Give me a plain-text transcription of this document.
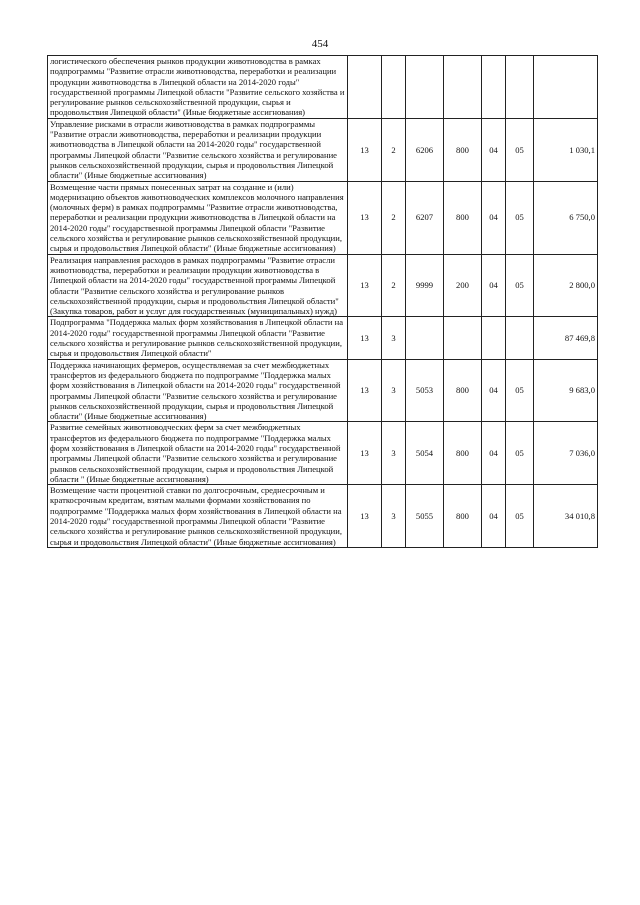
454
логистического обеспечения рынков продукции животноводства в рамках подпрограммы "Развитие отрасли животноводства, переработки и реализации продукции животноводства в Липецкой области на 2014-2020 годы" государственной программы Липецкой области "Развитие сельского хозяйства и регулирование рынков сельскохозяйственной продукции, сырья и продовольствия Липецкой области" (Иные бюджетные ассигнования)							
Управление рисками в отрасли животноводства в рамках подпрограммы "Развитие отрасли животноводства, переработки и реализации продукции животноводства в Липецкой области на 2014-2020 годы" государственной программы Липецкой области "Развитие сельского хозяйства и регулирование рынков сельскохозяйственной продукции, сырья и продовольствия Липецкой области" (Иные бюджетные ассигнования)	13	2	6206	800	04	05	1 030,1
Возмещение части прямых понесенных затрат на создание и (или) модернизацию объектов животноводческих комплексов молочного направления (молочных ферм) в рамках подпрограммы "Развитие отрасли животноводства, переработки и реализации продукции животноводства в Липецкой области на 2014-2020 годы" государственной программы Липецкой области "Развитие сельского хозяйства и регулирование рынков сельскохозяйственной продукции, сырья и продовольствия Липецкой области" (Иные бюджетные ассигнования)	13	2	6207	800	04	05	6 750,0
Реализация направления расходов в рамках подпрограммы "Развитие отрасли животноводства, переработки и реализации продукции животноводства в Липецкой области на 2014-2020 годы" государственной программы Липецкой области "Развитие сельского хозяйства и регулирование рынков сельскохозяйственной продукции, сырья и продовольствия Липецкой области" (Закупка товаров, работ и услуг для государственных (муниципальных) нужд)	13	2	9999	200	04	05	2 800,0
Подпрограмма "Поддержка малых форм хозяйствования в Липецкой области на 2014-2020 годы" государственной программы Липецкой области "Развитие сельского хозяйства и регулирование рынков сельскохозяйственной продукции, сырья и продовольствия Липецкой области"	13	3					87 469,8
Поддержка начинающих фермеров, осуществляемая за счет межбюджетных трансфертов из федерального бюджета по подпрограмме "Поддержка малых форм хозяйствования в Липецкой области на 2014-2020 годы" государственной программы Липецкой области "Развитие сельского хозяйства и регулирование рынков сельскохозяйственной продукции, сырья и продовольствия Липецкой области" (Иные бюджетные ассигнования)	13	3	5053	800	04	05	9 683,0
Развитие семейных животноводческих ферм за счет межбюджетных трансфертов из федерального бюджета по подпрограмме "Поддержка малых форм хозяйствования в Липецкой области на 2014-2020 годы" государственной программы Липецкой области "Развитие сельского хозяйства и регулирование рынков сельскохозяйственной продукции, сырья и продовольствия Липецкой области " (Иные бюджетные ассигнования)	13	3	5054	800	04	05	7 036,0
Возмещение части процентной ставки по долгосрочным, среднесрочным и краткосрочным кредитам, взятым малыми формами хозяйствования по подпрограмме "Поддержка малых форм хозяйствования в Липецкой области на 2014-2020 годы" государственной программы Липецкой области "Развитие сельского хозяйства и регулирование рынков сельскохозяйственной продукции, сырья и продовольствия Липецкой области" (Иные бюджетные ассигнования)	13	3	5055	800	04	05	34 010,8
